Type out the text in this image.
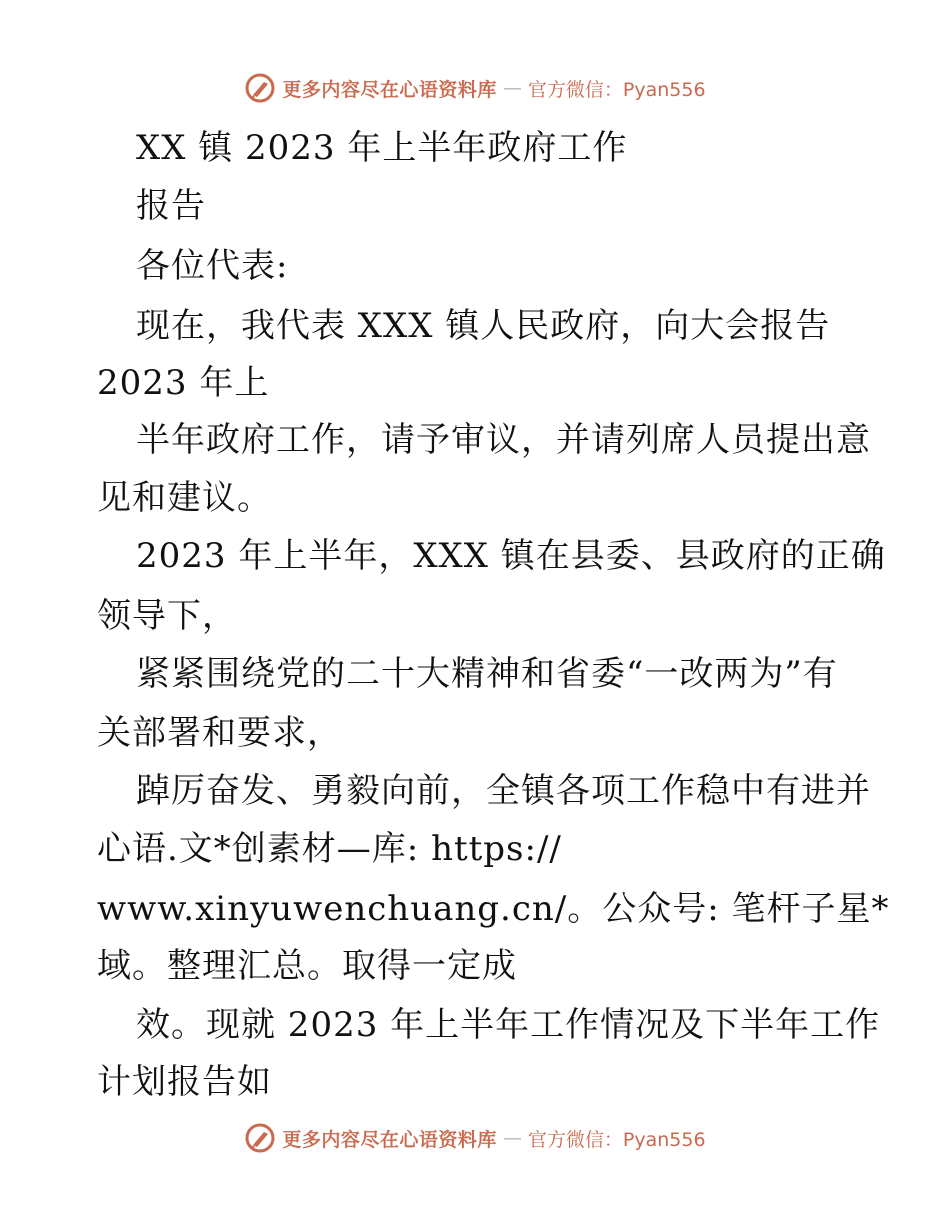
更多内容尽在心语资料库 — 官方微信：Pyan556
XX 镇 2023 年上半年政府工作
报告
各位代表:
现在，我代表 XXX 镇人民政府，向大会报告
2023 年上
半年政府工作，请予审议，并请列席人员提出意
见和建议。
2023 年上半年，XXX 镇在县委、县政府的正确
领导下，
紧紧围绕党的二十大精神和省委“一改两为”有
关部署和要求，
踔厉奋发、勇毅向前，全镇各项工作稳中有进并
心语.文*创素材—库: https://
www.xinyuwenchuang.cn/。公众号: 笔杆子星*
域。整理汇总。取得一定成
效。现就 2023 年上半年工作情况及下半年工作
计划报告如
更多内容尽在心语资料库 — 官方微信：Pyan556
